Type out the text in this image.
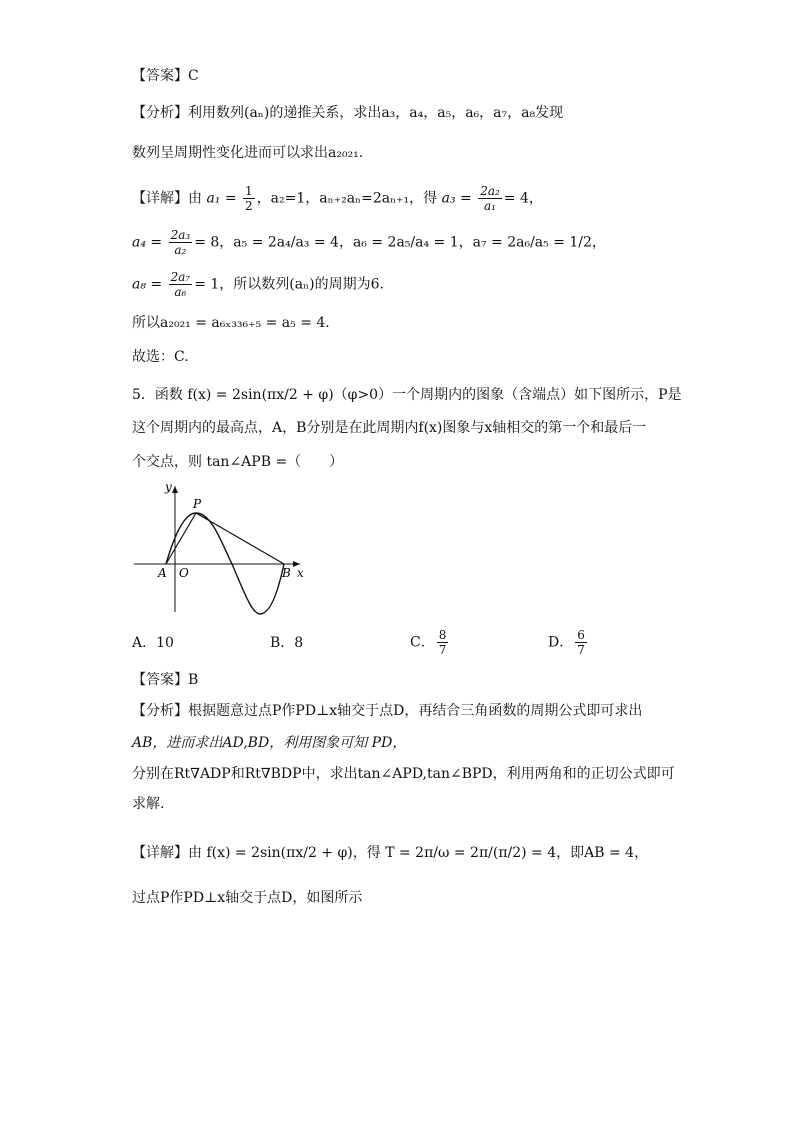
【答案】C
【分析】利用数列(aₙ)的递推关系，求出a₃，a₄，a₅，a₆，a₇，a₈发现
数列呈周期性变化进而可以求出a₂₀₂₁.
【详解】由 $a_1 = \frac{1}{2}$ ，a₂=1，aₙ₊₂aₙ=2aₙ₊₁，得 $a_3 = \frac{\text{2a₂}}{\text{a₁}} = 4$，
$a_4 = \frac{\text{2a₃}}{\text{a₂}} = 8$，a₅ = 2a₄/a₃ = 4，a₆ = 2a₅/a₄ = 1，a₇ = 2a₆/a₅ = 1/2，
$a_8 = \frac{\text{2a₇}}{\text{a₆}} = 1$，所以数列(aₙ)的周期为6.
所以a₂₀₂₁ = a₆ₓ₃₃₆₊₅ = a₅ = 4.
故选：C.
5．函数 f(x) = 2sin(πx/2 + φ)（φ>0）一个周期内的图象（含端点）如下图所示，P是
这个周期内的最高点，A，B分别是在此周期内f(x)图象与x轴相交的第一个和最后一
个交点，则 tan∠APB =（　　）
y
x
P
A O	B
A．10	B．8	C． $\frac{8}{7}$	D． $\frac{6}{7}$
【答案】B
【分析】根据题意过点P作PD⊥x轴交于点D，再结合三角函数的周期公式即可求出
AB，进而求出AD,BD，利用图象可知 PD，
分别在Rt∇ADP和Rt∇BDP中，求出tan∠APD,tan∠BPD，利用两角和的正切公式即可
求解.
【详解】由 f(x) = 2sin(πx/2 + φ)，得 T = 2π/ω = 2π/(π/2) = 4，即AB = 4，
过点P作PD⊥x轴交于点D，如图所示
